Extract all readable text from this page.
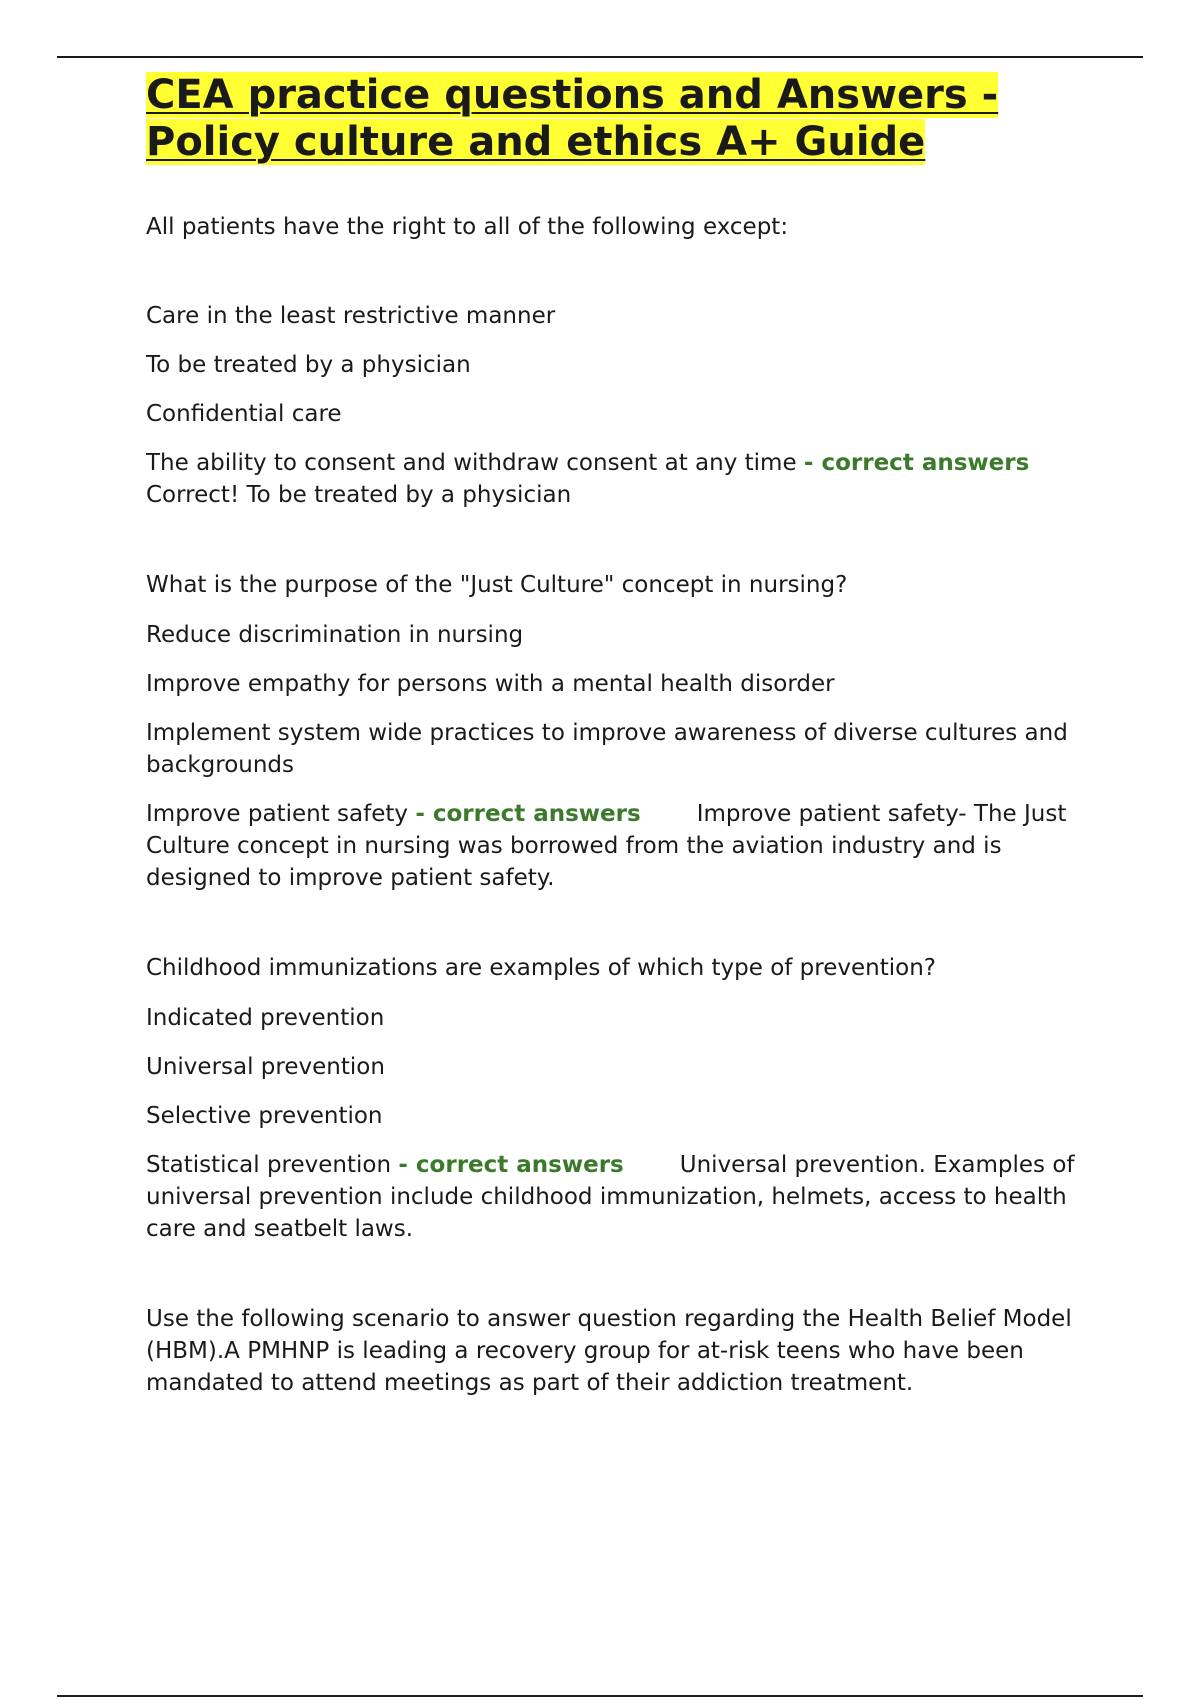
CEA practice questions and Answers - Policy culture and ethics A+ Guide

All patients have the right to all of the following except:

Care in the least restrictive manner

To be treated by a physician

Confidential care

The ability to consent and withdraw consent at any time - correct answersCorrect! To be treated by a physician

What is the purpose of the "Just Culture" concept in nursing?

Reduce discrimination in nursing

Improve empathy for persons with a mental health disorder

Implement system wide practices to improve awareness of diverse cultures and backgrounds

Improve patient safety - correct answers Improve patient safety- The Just Culture concept in nursing was borrowed from the aviation industry and is designed to improve patient safety.

Childhood immunizations are examples of which type of prevention?

Indicated prevention

Universal prevention

Selective prevention

Statistical prevention - correct answers Universal prevention. Examples of universal prevention include childhood immunization, helmets, access to health care and seatbelt laws.

Use the following scenario to answer question regarding the Health Belief Model (HBM).A PMHNP is leading a recovery group for at-risk teens who have been mandated to attend meetings as part of their addiction treatment.
